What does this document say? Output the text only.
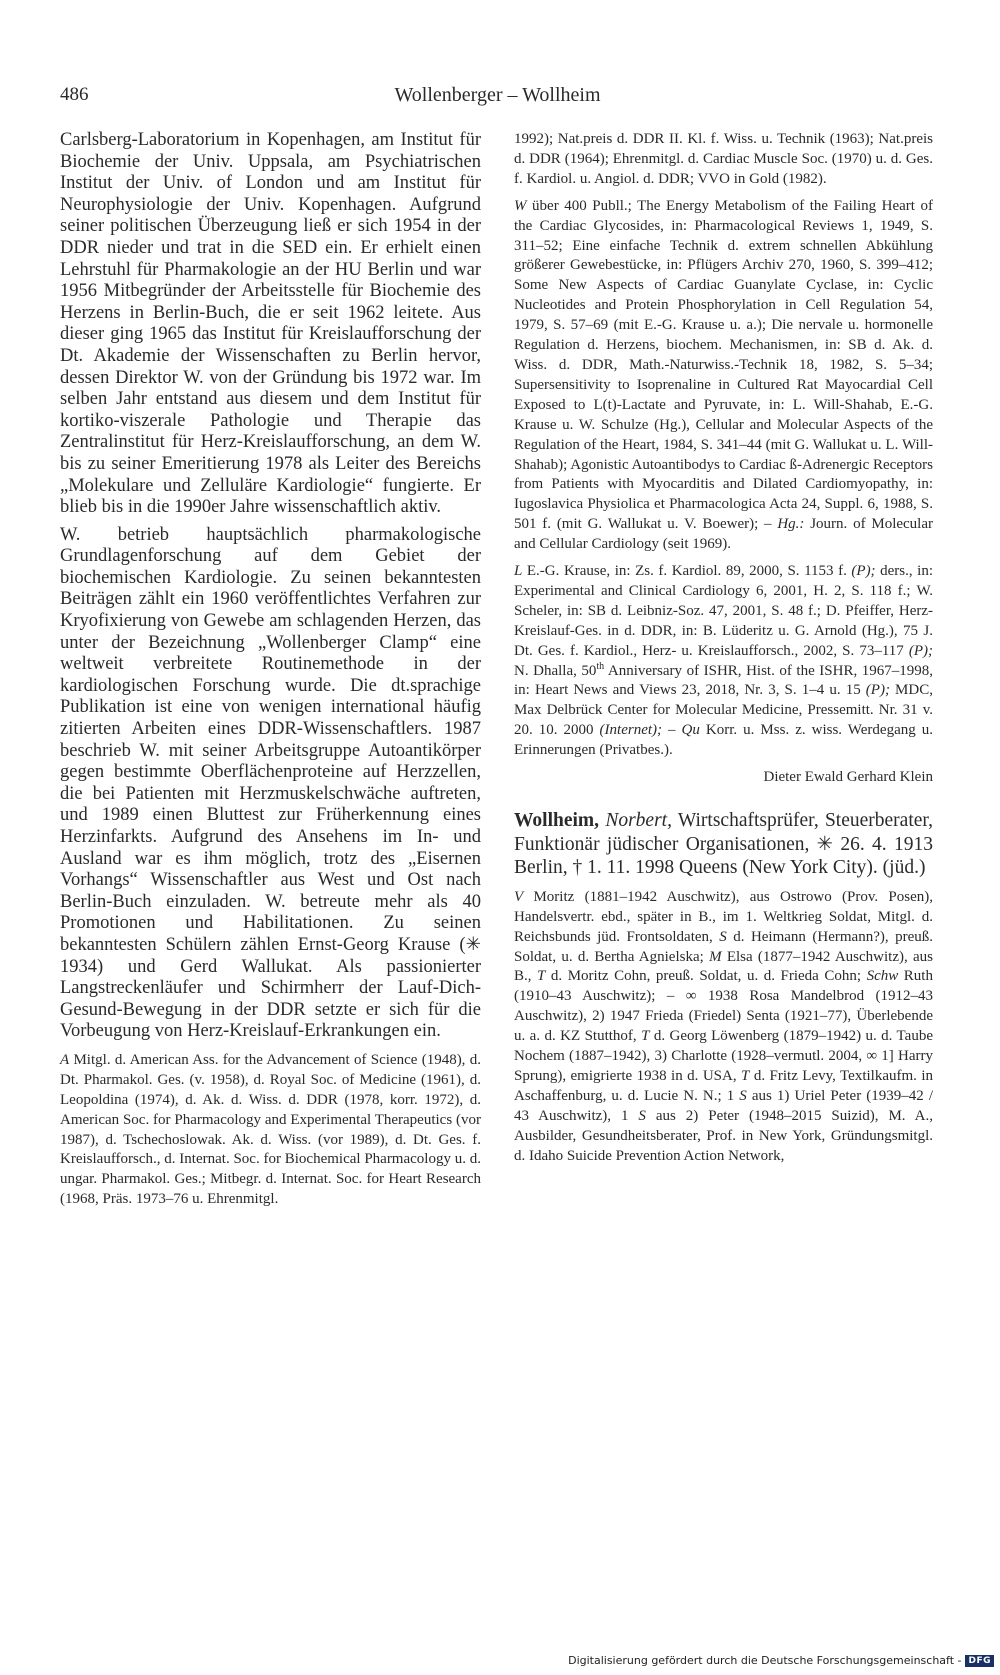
486	Wollenberger – Wollheim

Carlsberg-Laboratorium in Kopenhagen, am Institut für Biochemie der Univ. Uppsala, am Psychiatrischen Institut der Univ. of London und am Institut für Neurophysiologie der Univ. Kopenhagen. Aufgrund seiner politischen Überzeugung ließ er sich 1954 in der DDR nieder und trat in die SED ein. Er erhielt einen Lehrstuhl für Pharmakologie an der HU Berlin und war 1956 Mitbegründer der Arbeitsstelle für Biochemie des Herzens in Berlin-Buch, die er seit 1962 leitete. Aus dieser ging 1965 das Institut für Kreislaufforschung der Dt. Akademie der Wissenschaften zu Berlin hervor, dessen Direktor W. von der Gründung bis 1972 war. Im selben Jahr entstand aus diesem und dem Institut für kortiko-viszerale Pathologie und Therapie das Zentralinstitut für Herz-Kreislaufforschung, an dem W. bis zu seiner Emeritierung 1978 als Leiter des Bereichs „Molekulare und Zelluläre Kardiologie“ fungierte. Er blieb bis in die 1990er Jahre wissenschaftlich aktiv.

W. betrieb hauptsächlich pharmakologische Grundlagenforschung auf dem Gebiet der biochemischen Kardiologie. Zu seinen bekanntesten Beiträgen zählt ein 1960 veröffentlichtes Verfahren zur Kryofixierung von Gewebe am schlagenden Herzen, das unter der Bezeichnung „Wollenberger Clamp“ eine weltweit verbreitete Routinemethode in der kardiologischen Forschung wurde. Die dt.sprachige Publikation ist eine von wenigen international häufig zitierten Arbeiten eines DDR-Wissenschaftlers. 1987 beschrieb W. mit seiner Arbeitsgruppe Autoantikörper gegen bestimmte Oberflächenproteine auf Herzzellen, die bei Patienten mit Herzmuskelschwäche auftreten, und 1989 einen Bluttest zur Früherkennung eines Herzinfarkts. Aufgrund des Ansehens im In- und Ausland war es ihm möglich, trotz des „Eisernen Vorhangs“ Wissenschaftler aus West und Ost nach Berlin-Buch einzuladen. W. betreute mehr als 40 Promotionen und Habilitationen. Zu seinen bekanntesten Schülern zählen Ernst-Georg Krause (✳ 1934) und Gerd Wallukat. Als passionierter Langstreckenläufer und Schirmherr der Lauf-Dich-Gesund-Bewegung in der DDR setzte er sich für die Vorbeugung von Herz-Kreislauf-Erkrankungen ein.

A Mitgl. d. American Ass. for the Advancement of Science (1948), d. Dt. Pharmakol. Ges. (v. 1958), d. Royal Soc. of Medicine (1961), d. Leopoldina (1974), d. Ak. d. Wiss. d. DDR (1978, korr. 1972), d. American Soc. for Pharmacology and Experimental Therapeutics (vor 1987), d. Tschechoslowak. Ak. d. Wiss. (vor 1989), d. Dt. Ges. f. Kreislaufforsch., d. Internat. Soc. for Biochemical Pharmacology u. d. ungar. Pharmakol. Ges.; Mitbegr. d. Internat. Soc. for Heart Research (1968, Präs. 1973–76 u. Ehrenmitgl.

1992); Nat.preis d. DDR II. Kl. f. Wiss. u. Technik (1963); Nat.preis d. DDR (1964); Ehrenmitgl. d. Cardiac Muscle Soc. (1970) u. d. Ges. f. Kardiol. u. Angiol. d. DDR; VVO in Gold (1982).

W über 400 Publl.; The Energy Metabolism of the Failing Heart of the Cardiac Glycosides, in: Pharmacological Reviews 1, 1949, S. 311–52; Eine einfache Technik d. extrem schnellen Abkühlung größerer Gewebestücke, in: Pflügers Archiv 270, 1960, S. 399–412; Some New Aspects of Cardiac Guanylate Cyclase, in: Cyclic Nucleotides and Protein Phosphorylation in Cell Regulation 54, 1979, S. 57–69 (mit E.-G. Krause u. a.); Die nervale u. hormonelle Regulation d. Herzens, biochem. Mechanismen, in: SB d. Ak. d. Wiss. d. DDR, Math.-Naturwiss.-Technik 18, 1982, S. 5–34; Supersensitivity to Isoprenaline in Cultured Rat Mayocardial Cell Exposed to L(t)-Lactate and Pyruvate, in: L. Will-Shahab, E.-G. Krause u. W. Schulze (Hg.), Cellular and Molecular Aspects of the Regulation of the Heart, 1984, S. 341–44 (mit G. Wallukat u. L. Will-Shahab); Agonistic Autoantibodys to Cardiac ß-Adrenergic Receptors from Patients with Myocarditis and Dilated Cardiomyopathy, in: Iugoslavica Physiolica et Pharmacologica Acta 24, Suppl. 6, 1988, S. 501 f. (mit G. Wallukat u. V. Boewer); – Hg.: Journ. of Molecular and Cellular Cardiology (seit 1969).

L E.-G. Krause, in: Zs. f. Kardiol. 89, 2000, S. 1153 f. (P); ders., in: Experimental and Clinical Cardiology 6, 2001, H. 2, S. 118 f.; W. Scheler, in: SB d. Leibniz-Soz. 47, 2001, S. 48 f.; D. Pfeiffer, Herz-Kreislauf-Ges. in d. DDR, in: B. Lüderitz u. G. Arnold (Hg.), 75 J. Dt. Ges. f. Kardiol., Herz- u. Kreislaufforsch., 2002, S. 73–117 (P); N. Dhalla, 50th Anniversary of ISHR, Hist. of the ISHR, 1967–1998, in: Heart News and Views 23, 2018, Nr. 3, S. 1–4 u. 15 (P); MDC, Max Delbrück Center for Molecular Medicine, Pressemitt. Nr. 31 v. 20. 10. 2000 (Internet); – Qu Korr. u. Mss. z. wiss. Werdegang u. Erinnerungen (Privatbes.).

Dieter Ewald Gerhard Klein

Wollheim, Norbert, Wirtschaftsprüfer, Steuerberater, Funktionär jüdischer Organisationen, ✳ 26. 4. 1913 Berlin, † 1. 11. 1998 Queens (New York City). (jüd.)

V Moritz (1881–1942 Auschwitz), aus Ostrowo (Prov. Posen), Handelsvertr. ebd., später in B., im 1. Weltkrieg Soldat, Mitgl. d. Reichsbunds jüd. Frontsoldaten, S d. Heimann (Hermann?), preuß. Soldat, u. d. Bertha Agnielska; M Elsa (1877–1942 Auschwitz), aus B., T d. Moritz Cohn, preuß. Soldat, u. d. Frieda Cohn; Schw Ruth (1910–43 Auschwitz); – ∞ 1938 Rosa Mandelbrod (1912–43 Auschwitz), 2) 1947 Frieda (Friedel) Senta (1921–77), Überlebende u. a. d. KZ Stutthof, T d. Georg Löwenberg (1879–1942) u. d. Taube Nochem (1887–1942), 3) Charlotte (1928–vermutl. 2004, ∞ 1] Harry Sprung), emigrierte 1938 in d. USA, T d. Fritz Levy, Textilkaufm. in Aschaffenburg, u. d. Lucie N. N.; 1 S aus 1) Uriel Peter (1939–42 / 43 Auschwitz), 1 S aus 2) Peter (1948–2015 Suizid), M. A., Ausbilder, Gesundheitsberater, Prof. in New York, Gründungsmitgl. d. Idaho Suicide Prevention Action Network,

Digitalisierung gefördert durch die Deutsche Forschungsgemeinschaft - DFG
